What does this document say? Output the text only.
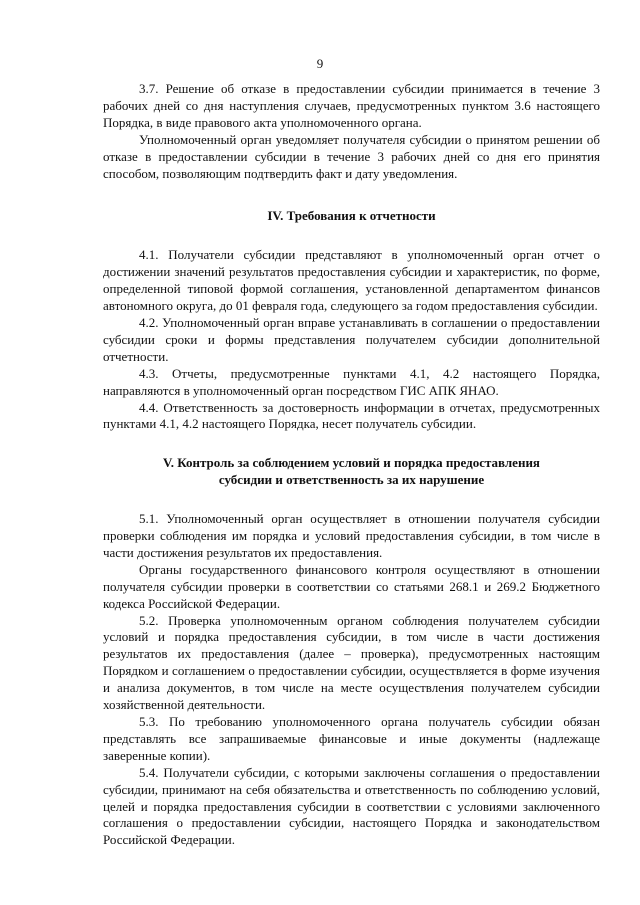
9

3.7. Решение об отказе в предоставлении субсидии принимается в течение 3 рабочих дней со дня наступления случаев, предусмотренных пунктом 3.6 настоящего Порядка, в виде правового акта уполномоченного органа.

Уполномоченный орган уведомляет получателя субсидии о принятом решении об отказе в предоставлении субсидии в течение 3 рабочих дней со дня его принятия способом, позволяющим подтвердить факт и дату уведомления.

IV. Требования к отчетности

4.1. Получатели субсидии представляют в уполномоченный орган отчет о достижении значений результатов предоставления субсидии и характеристик, по форме, определенной типовой формой соглашения, установленной департаментом финансов автономного округа, до 01 февраля года, следующего за годом предоставления субсидии.

4.2. Уполномоченный орган вправе устанавливать в соглашении о предоставлении субсидии сроки и формы представления получателем субсидии дополнительной отчетности.

4.3. Отчеты, предусмотренные пунктами 4.1, 4.2 настоящего Порядка, направляются в уполномоченный орган посредством ГИС АПК ЯНАО.

4.4. Ответственность за достоверность информации в отчетах, предусмотренных пунктами 4.1, 4.2 настоящего Порядка, несет получатель субсидии.

V. Контроль за соблюдением условий и порядка предоставления
субсидии и ответственность за их нарушение

5.1. Уполномоченный орган осуществляет в отношении получателя субсидии проверки соблюдения им порядка и условий предоставления субсидии, в том числе в части достижения результатов их предоставления.

Органы государственного финансового контроля осуществляют в отношении получателя субсидии проверки в соответствии со статьями 268.1 и 269.2 Бюджетного кодекса Российской Федерации.

5.2. Проверка уполномоченным органом соблюдения получателем субсидии условий и порядка предоставления субсидии, в том числе в части достижения результатов их предоставления (далее – проверка), предусмотренных настоящим Порядком и соглашением о предоставлении субсидии, осуществляется в форме изучения и анализа документов, в том числе на месте осуществления получателем субсидии хозяйственной деятельности.

5.3. По требованию уполномоченного органа получатель субсидии обязан представлять все запрашиваемые финансовые и иные документы (надлежаще заверенные копии).

5.4. Получатели субсидии, с которыми заключены соглашения о предоставлении субсидии, принимают на себя обязательства и ответственность по соблюдению условий, целей и порядка предоставления субсидии в соответствии с условиями заключенного соглашения о предоставлении субсидии, настоящего Порядка и законодательством Российской Федерации.
